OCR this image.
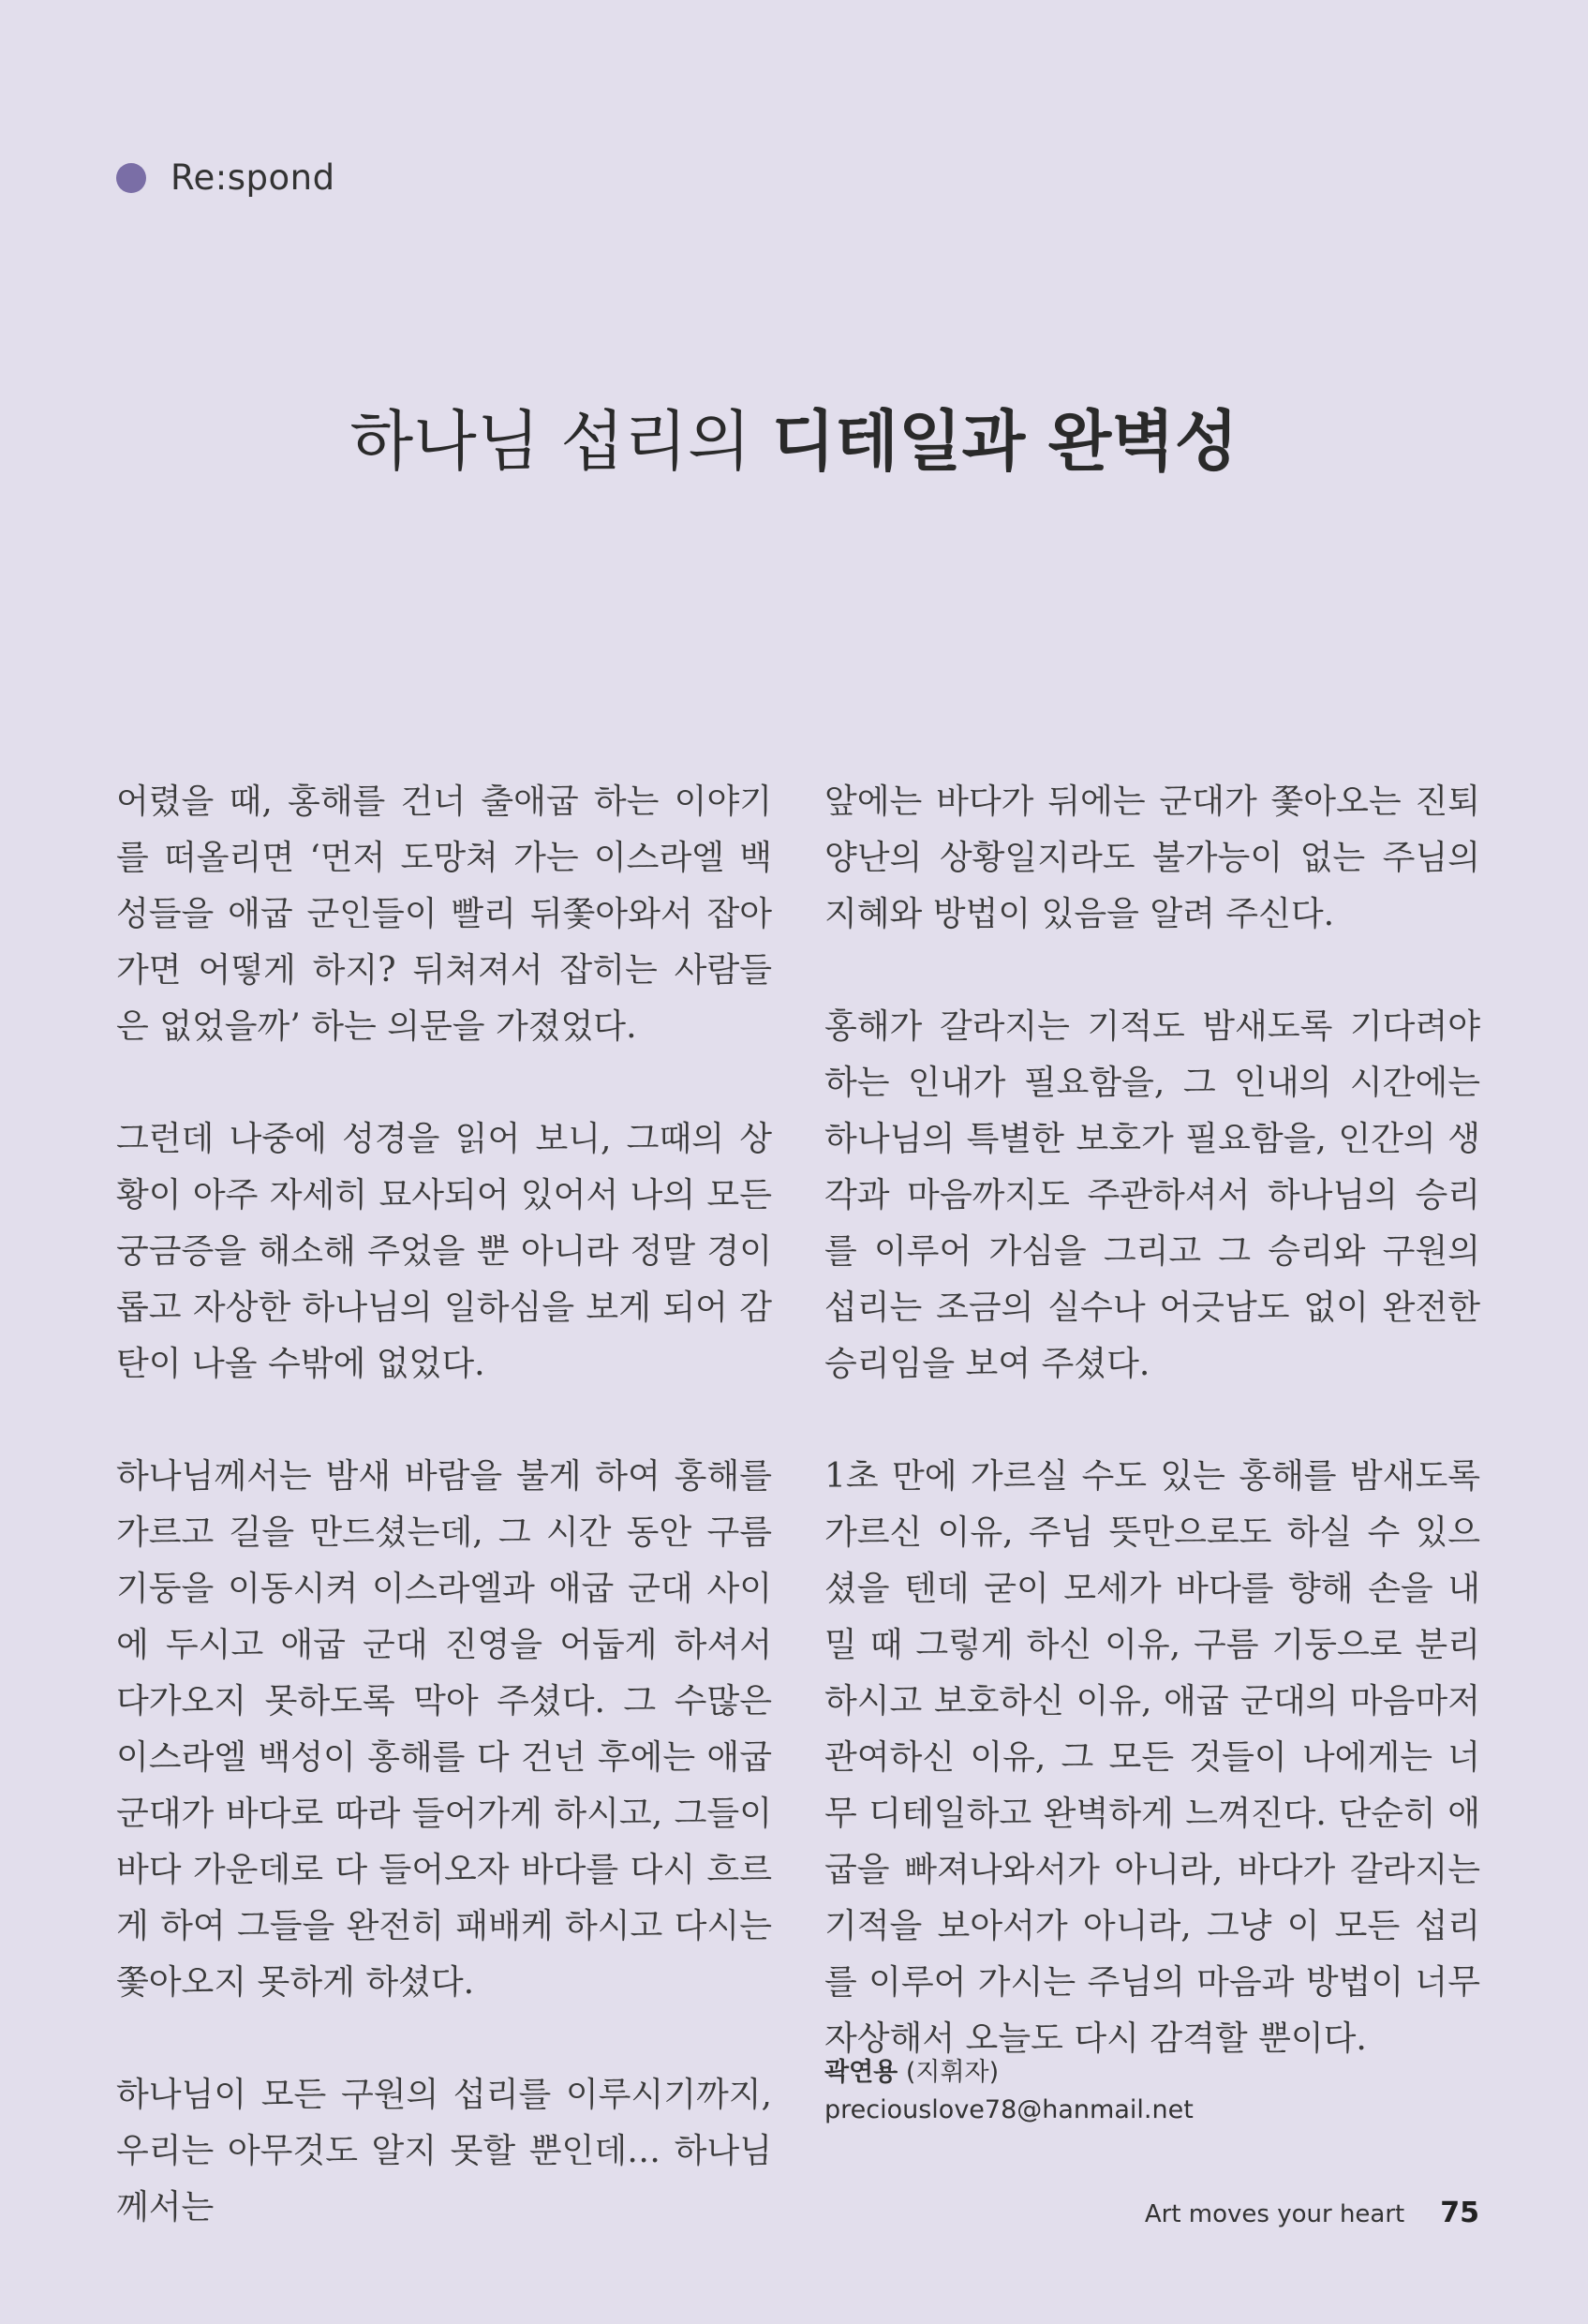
Re:spond
하나님 섭리의 디테일과 완벽성

어렸을 때, 홍해를 건너 출애굽 하는 이야기를 떠올리면 ‘먼저 도망쳐 가는 이스라엘 백성들을 애굽 군인들이 빨리 뒤쫓아와서 잡아가면 어떻게 하지? 뒤쳐져서 잡히는 사람들은 없었을까’ 하는 의문을 가졌었다.

그런데 나중에 성경을 읽어 보니, 그때의 상황이 아주 자세히 묘사되어 있어서 나의 모든 궁금증을 해소해 주었을 뿐 아니라 정말 경이롭고 자상한 하나님의 일하심을 보게 되어 감탄이 나올 수밖에 없었다.

하나님께서는 밤새 바람을 불게 하여 홍해를 가르고 길을 만드셨는데, 그 시간 동안 구름 기둥을 이동시켜 이스라엘과 애굽 군대 사이에 두시고 애굽 군대 진영을 어둡게 하셔서 다가오지 못하도록 막아 주셨다. 그 수많은 이스라엘 백성이 홍해를 다 건넌 후에는 애굽 군대가 바다로 따라 들어가게 하시고, 그들이 바다 가운데로 다 들어오자 바다를 다시 흐르게 하여 그들을 완전히 패배케 하시고 다시는 쫓아오지 못하게 하셨다.

하나님이 모든 구원의 섭리를 이루시기까지, 우리는 아무것도 알지 못할 뿐인데… 하나님께서는

앞에는 바다가 뒤에는 군대가 쫓아오는 진퇴양난의 상황일지라도 불가능이 없는 주님의 지혜와 방법이 있음을 알려 주신다.

홍해가 갈라지는 기적도 밤새도록 기다려야 하는 인내가 필요함을, 그 인내의 시간에는 하나님의 특별한 보호가 필요함을, 인간의 생각과 마음까지도 주관하셔서 하나님의 승리를 이루어 가심을 그리고 그 승리와 구원의 섭리는 조금의 실수나 어긋남도 없이 완전한 승리임을 보여 주셨다.

1초 만에 가르실 수도 있는 홍해를 밤새도록 가르신 이유, 주님 뜻만으로도 하실 수 있으셨을 텐데 굳이 모세가 바다를 향해 손을 내밀 때 그렇게 하신 이유, 구름 기둥으로 분리하시고 보호하신 이유, 애굽 군대의 마음마저 관여하신 이유, 그 모든 것들이 나에게는 너무 디테일하고 완벽하게 느껴진다. 단순히 애굽을 빠져나와서가 아니라, 바다가 갈라지는 기적을 보아서가 아니라, 그냥 이 모든 섭리를 이루어 가시는 주님의 마음과 방법이 너무 자상해서 오늘도 다시 감격할 뿐이다.

곽연용 (지휘자)
preciouslove78@hanmail.net
Art moves your heart 75
